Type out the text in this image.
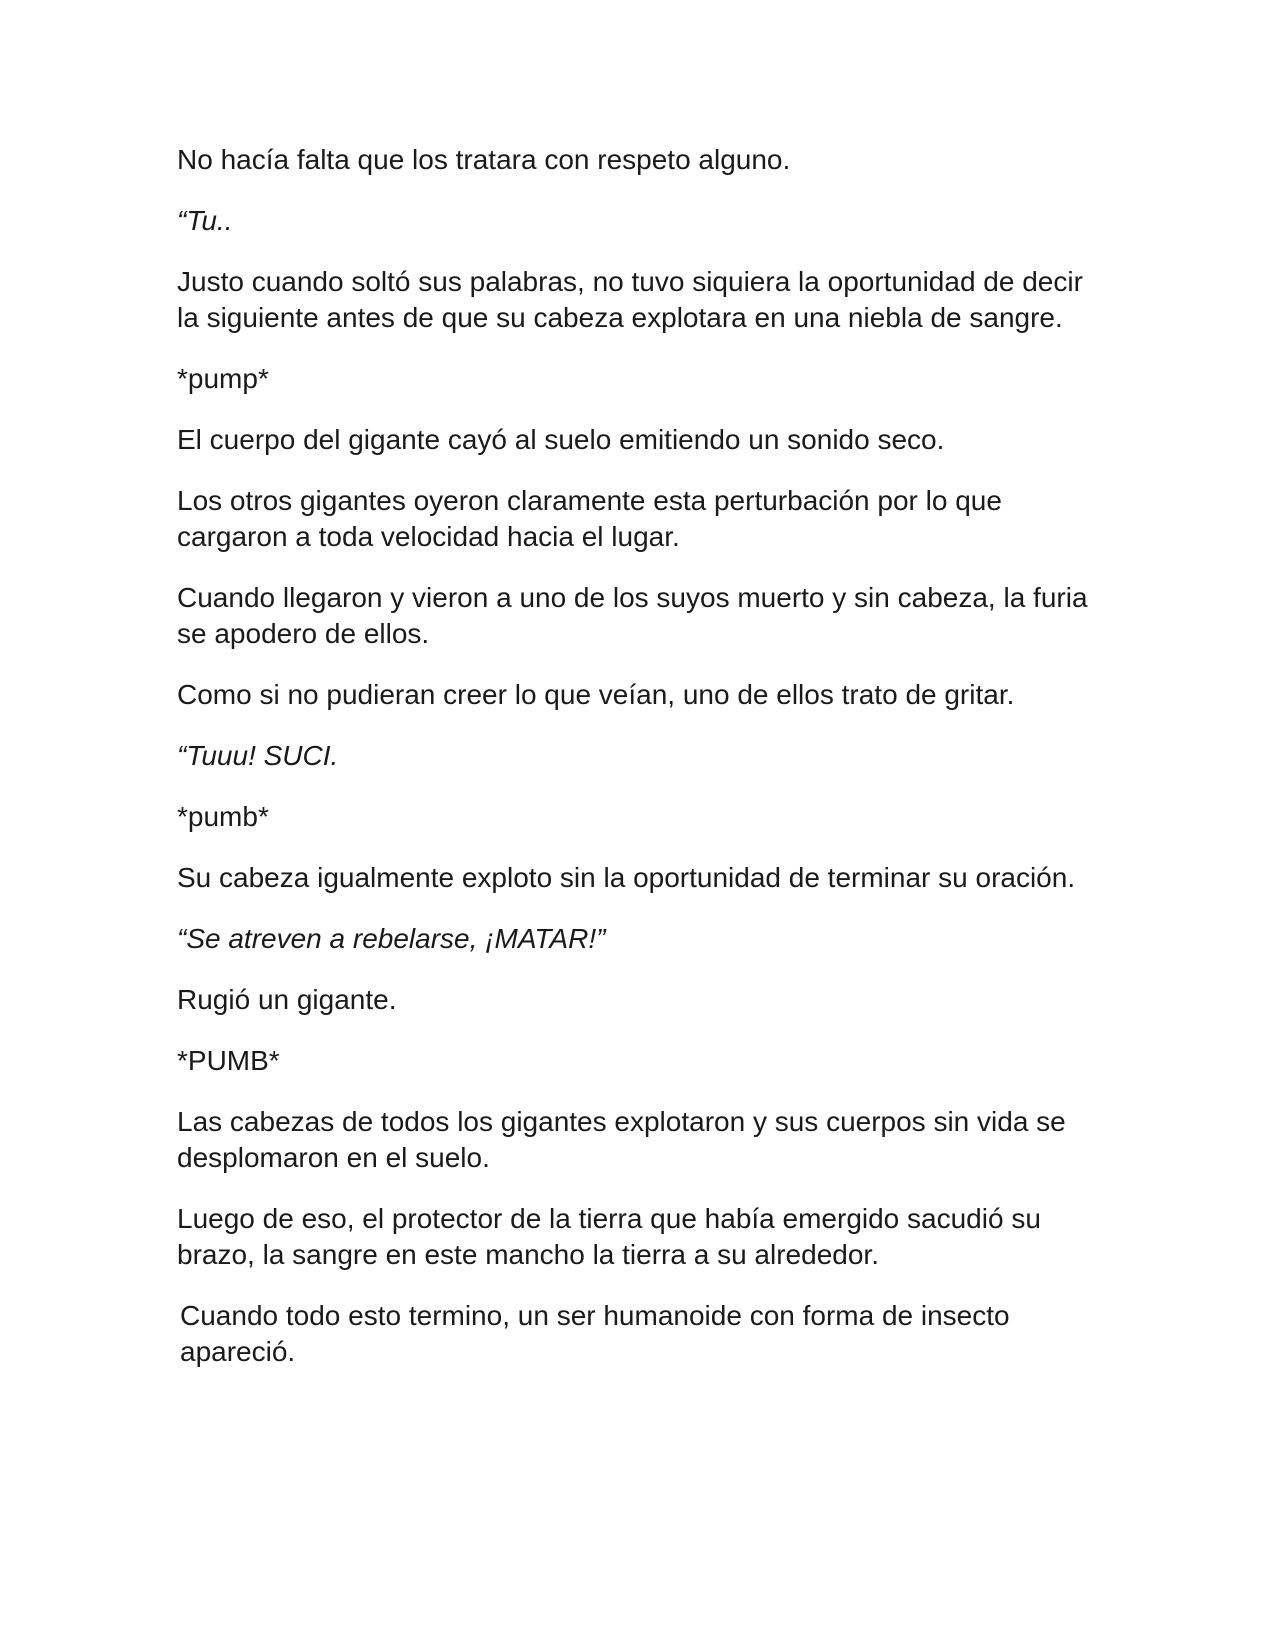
No hacía falta que los tratara con respeto alguno.

“Tu..

Justo cuando soltó sus palabras, no tuvo siquiera la oportunidad de decir la siguiente antes de que su cabeza explotara en una niebla de sangre.

*pump*

El cuerpo del gigante cayó al suelo emitiendo un sonido seco.

Los otros gigantes oyeron claramente esta perturbación por lo que cargaron a toda velocidad hacia el lugar.

Cuando llegaron y vieron a uno de los suyos muerto y sin cabeza, la furia se apodero de ellos.

Como si no pudieran creer lo que veían, uno de ellos trato de gritar.

“Tuuu! SUCI.

*pumb*

Su cabeza igualmente exploto sin la oportunidad de terminar su oración.

“Se atreven a rebelarse, ¡MATAR!”

Rugió un gigante.

*PUMB*

Las cabezas de todos los gigantes explotaron y sus cuerpos sin vida se desplomaron en el suelo.

Luego de eso, el protector de la tierra que había emergido sacudió su brazo, la sangre en este mancho la tierra a su alrededor.

Cuando todo esto termino, un ser humanoide con forma de insecto apareció.
